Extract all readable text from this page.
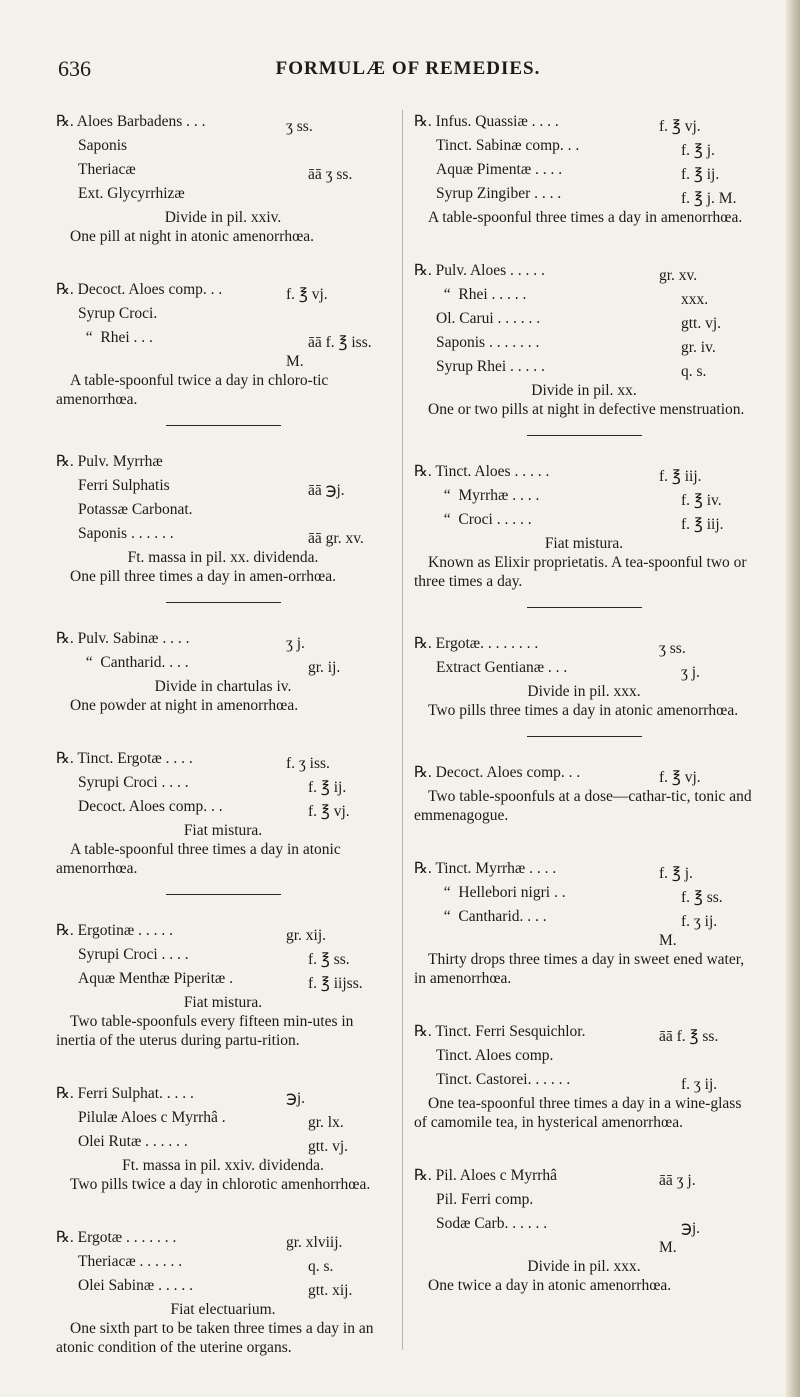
636	FORMULÆ OF REMEDIES.
℞. Aloes Barbadens . . .	ʒ ss.
Saponis
Theriacæ	āā ʒ ss.
Ext. Glycyrrhizæ
Divide in pil. xxiv.
One pill at night in atonic amenorrhœa.
℞. Decoct. Aloes comp. . .	f. ℥ vj.
Syrup Croci.
“  Rhei . . .	āā f. ℥ iss.
M.
A table-spoonful twice a day in chloro-tic amenorrhœa.
℞. Pulv. Myrrhæ
Ferri Sulphatis	āā ℈j.
Potassæ Carbonat.
Saponis . . . . . .	āā gr. xv.
Ft. massa in pil. xx. dividenda.
One pill three times a day in amen-orrhœa.
℞. Pulv. Sabinæ . . . .	ʒ j.
“  Cantharid. . . .	gr. ij.
Divide in chartulas iv.
One powder at night in amenorrhœa.
℞. Tinct. Ergotæ . . . .	f. ʒ iss.
Syrupi Croci . . . .	f. ℥ ij.
Decoct. Aloes comp. . .	f. ℥ vj.
Fiat mistura.
A table-spoonful three times a day in atonic amenorrhœa.
℞. Ergotinæ . . . . .	gr. xij.
Syrupi Croci . . . .	f. ℥ ss.
Aquæ Menthæ Piperitæ .	f. ℥ iijss.
Fiat mistura.
Two table-spoonfuls every fifteen min-utes in inertia of the uterus during partu-rition.
℞. Ferri Sulphat. . . . .	℈j.
Pilulæ Aloes c Myrrhâ .	gr. lx.
Olei Rutæ . . . . . .	gtt. vj.
Ft. massa in pil. xxiv. dividenda.
Two pills twice a day in chlorotic amenhorrhœa.
℞. Ergotæ . . . . . . .	gr. xlviij.
Theriacæ . . . . . .	q. s.
Olei Sabinæ . . . . .	gtt. xij.
Fiat electuarium.
One sixth part to be taken three times a day in an atonic condition of the uterine organs.
℞. Infus. Quassiæ . . . .	f. ℥ vj.
Tinct. Sabinæ comp. . .	f. ℥ j.
Aquæ Pimentæ . . . .	f. ℥ ij.
Syrup Zingiber . . . .	f. ℥ j. M.
A table-spoonful three times a day in amenorrhœa.
℞. Pulv. Aloes . . . . .	gr. xv.
“  Rhei . . . . .	xxx.
Ol. Carui . . . . . .	gtt. vj.
Saponis . . . . . . .	gr. iv.
Syrup Rhei . . . . .	q. s.
Divide in pil. xx.
One or two pills at night in defective menstruation.
℞. Tinct. Aloes . . . . .	f. ℥ iij.
“  Myrrhæ . . . .	f. ℥ iv.
“  Croci . . . . .	f. ℥ iij.
Fiat mistura.
Known as Elixir proprietatis. A tea-spoonful two or three times a day.
℞. Ergotæ. . . . . . . .	ʒ ss.
Extract Gentianæ . . .	ʒ j.
Divide in pil. xxx.
Two pills three times a day in atonic amenorrhœa.
℞. Decoct. Aloes comp. . .	f. ℥ vj.
Two table-spoonfuls at a dose—cathar-tic, tonic and emmenagogue.
℞. Tinct. Myrrhæ . . . .	f. ℥ j.
“  Hellebori nigri . .	f. ℥ ss.
“  Cantharid. . . .	f. ʒ ij.
M.
Thirty drops three times a day in sweet ened water, in amenorrhœa.
℞. Tinct. Ferri Sesquichlor.	āā f. ℥ ss.
Tinct. Aloes comp.
Tinct. Castorei. . . . . .	f. ʒ ij.
One tea-spoonful three times a day in a wine-glass of camomile tea, in hysterical amenorrhœa.
℞. Pil. Aloes c Myrrhâ	āā ʒ j.
Pil. Ferri comp.
Sodæ Carb. . . . . .	℈j.
M.
Divide in pil. xxx.
One twice a day in atonic amenorrhœa.
